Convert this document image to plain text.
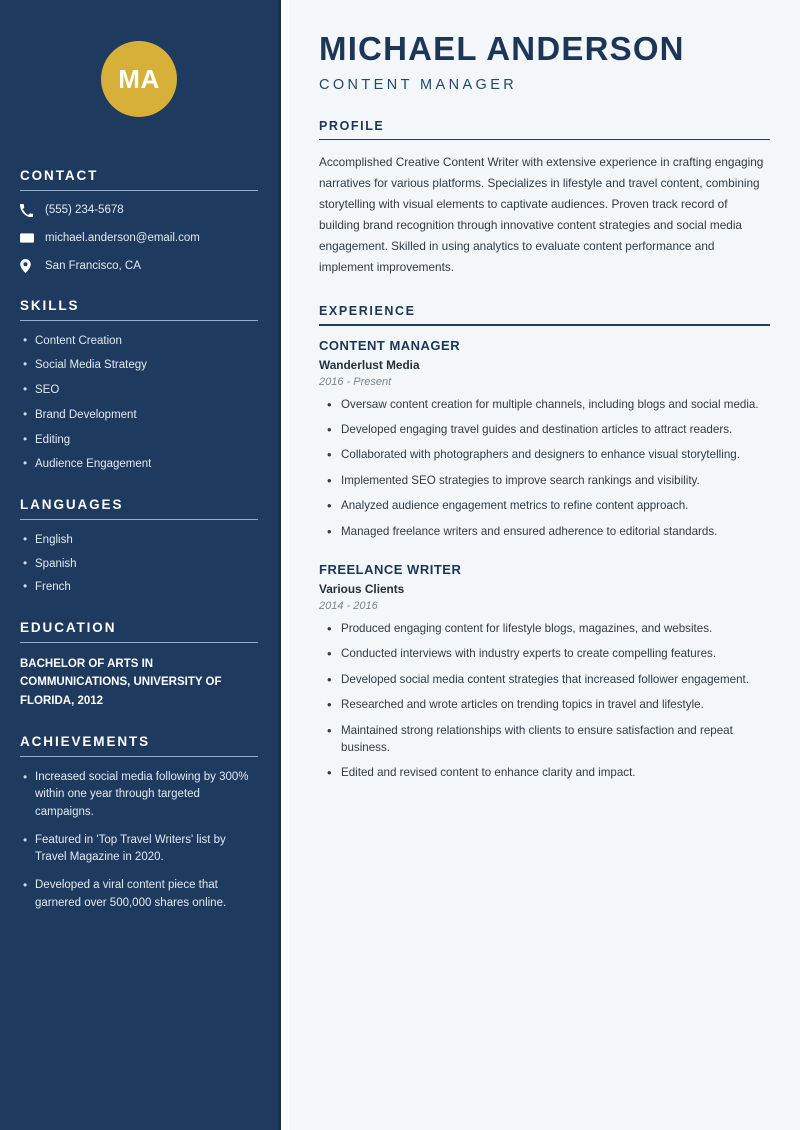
MA
CONTACT
(555) 234-5678
michael.anderson@email.com
San Francisco, CA
SKILLS
• Content Creation
• Social Media Strategy
• SEO
• Brand Development
• Editing
• Audience Engagement
LANGUAGES
• English
• Spanish
• French
EDUCATION

BACHELOR OF ARTS IN COMMUNICATIONS, UNIVERSITY OF FLORIDA, 2012

ACHIEVEMENTS
• Increased social media following by 300% within one year through targeted campaigns.
• Featured in 'Top Travel Writers' list by Travel Magazine in 2020.
• Developed a viral content piece that garnered over 500,000 shares online.
MICHAEL ANDERSON

CONTENT MANAGER

PROFILE

Accomplished Creative Content Writer with extensive experience in crafting engaging narratives for various platforms. Specializes in lifestyle and travel content, combining storytelling with visual elements to captivate audiences. Proven track record of building brand recognition through innovative content strategies and social media engagement. Skilled in using analytics to evaluate content performance and implement improvements.

EXPERIENCE
CONTENT MANAGER

Wanderlust Media

2016 - Present

• Oversaw content creation for multiple channels, including blogs and social media.
• Developed engaging travel guides and destination articles to attract readers.
• Collaborated with photographers and designers to enhance visual storytelling.
• Implemented SEO strategies to improve search rankings and visibility.
• Analyzed audience engagement metrics to refine content approach.
• Managed freelance writers and ensured adherence to editorial standards.
FREELANCE WRITER

Various Clients

2014 - 2016

• Produced engaging content for lifestyle blogs, magazines, and websites.
• Conducted interviews with industry experts to create compelling features.
• Developed social media content strategies that increased follower engagement.
• Researched and wrote articles on trending topics in travel and lifestyle.
• Maintained strong relationships with clients to ensure satisfaction and repeat business.
• Edited and revised content to enhance clarity and impact.
